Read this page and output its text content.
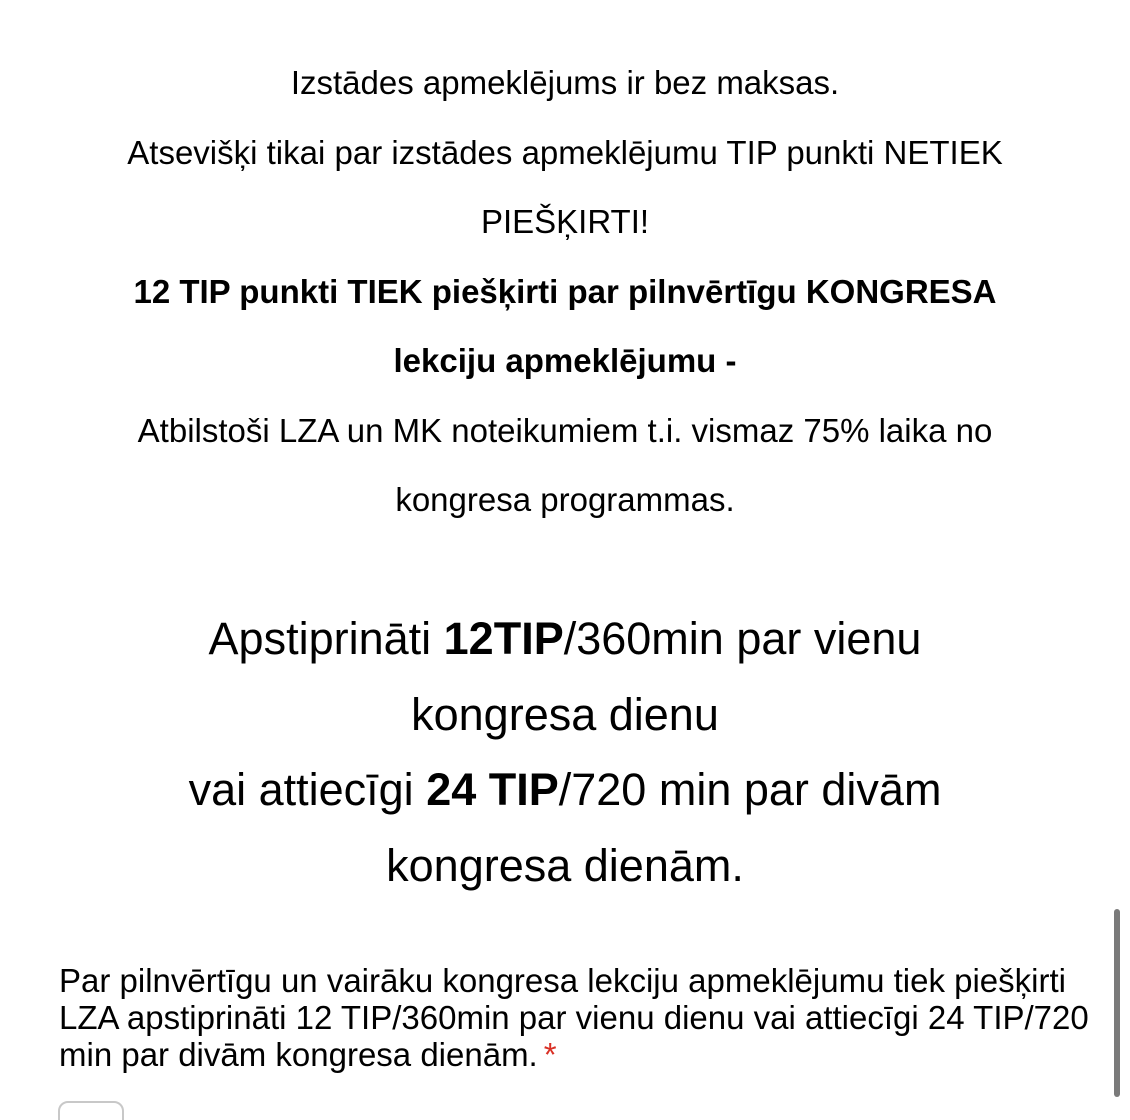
Izstādes apmeklējums ir bez maksas.

Atsevišķi tikai par izstādes apmeklējumu TIP punkti NETIEK
PIEŠĶIRTI!

12 TIP punkti TIEK piešķirti par pilnvērtīgu KONGRESA
lekciju apmeklējumu -

Atbilstoši LZA un MK noteikumiem t.i. vismaz 75% laika no
kongresa programmas.

Apstiprināti 12TIP/360min par vienu

kongresa dienu

vai attiecīgi 24 TIP/720 min par divām

kongresa dienām.

Par pilnvērtīgu un vairāku kongresa lekciju apmeklējumu tiek piešķirti LZA apstiprināti 12 TIP/360min par vienu dienu vai attiecīgi 24 TIP/720 min par divām kongresa dienām. *
